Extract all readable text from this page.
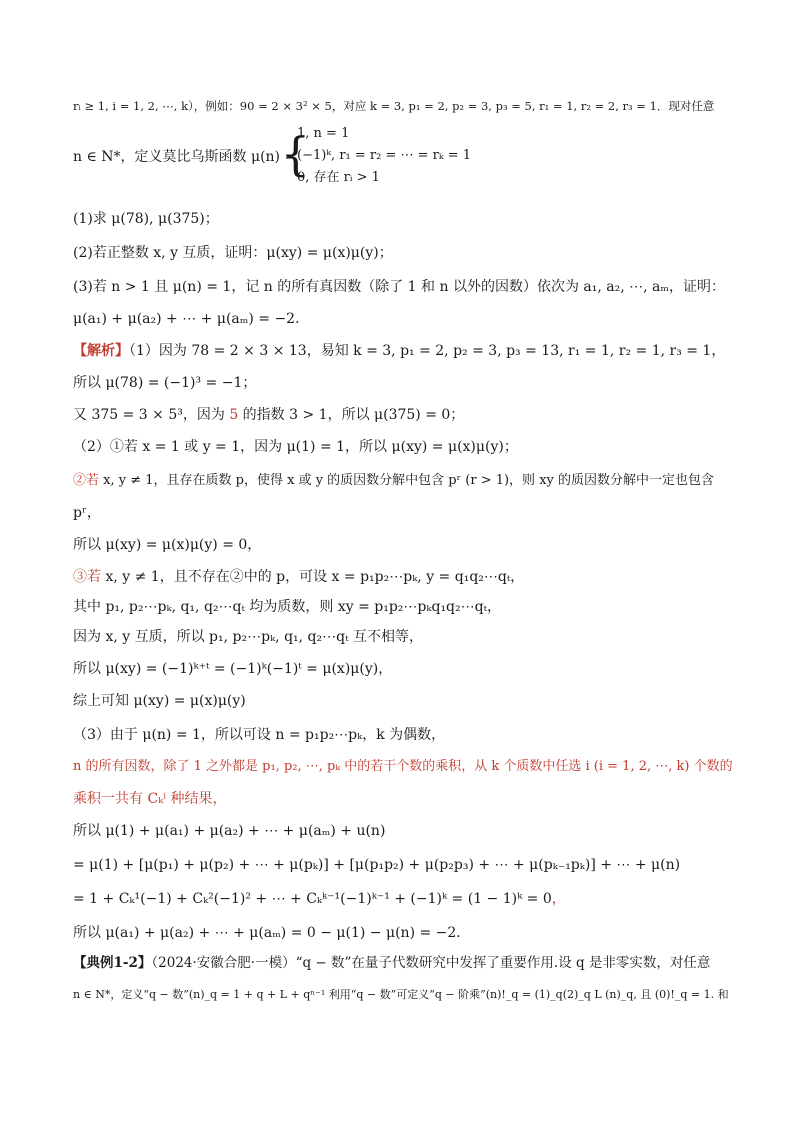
rᵢ ≥ 1, i = 1, 2, ⋯, k），例如：90 = 2 × 3² × 5，对应 k = 3, p₁ = 2, p₂ = 3, p₃ = 5, r₁ = 1, r₂ = 2, r₃ = 1．现对任意
n ∈ N*，定义莫比乌斯函数 μ(n) =
{
1, n = 1
(−1)ᵏ, r₁ = r₂ = ⋯ = rₖ = 1
0, 存在 rᵢ > 1
(1)求 μ(78), μ(375)；
(2)若正整数 x, y 互质，证明：μ(xy) = μ(x)μ(y)；
(3)若 n > 1 且 μ(n) = 1，记 n 的所有真因数（除了 1 和 n 以外的因数）依次为 a₁, a₂, ⋯, aₘ，证明：
μ(a₁) + μ(a₂) + ⋯ + μ(aₘ) = −2．
【解析】（1）因为 78 = 2 × 3 × 13，易知 k = 3, p₁ = 2, p₂ = 3, p₃ = 13, r₁ = 1, r₂ = 1, r₃ = 1，
所以 μ(78) = (−1)³ = −1；
又 375 = 3 × 5³，因为 5 的指数 3 > 1，所以 μ(375) = 0；
（2）①若 x = 1 或 y = 1，因为 μ(1) = 1，所以 μ(xy) = μ(x)μ(y)；
②若 x, y ≠ 1，且存在质数 p，使得 x 或 y 的质因数分解中包含 pʳ (r > 1)，则 xy 的质因数分解中一定也包含
pʳ，
所以 μ(xy) = μ(x)μ(y) = 0，
③若 x, y ≠ 1，且不存在②中的 p，可设 x = p₁p₂⋯pₖ, y = q₁q₂⋯qₜ，
其中 p₁, p₂⋯pₖ, q₁, q₂⋯qₜ 均为质数，则 xy = p₁p₂⋯pₖq₁q₂⋯qₜ，
因为 x, y 互质，所以 p₁, p₂⋯pₖ, q₁, q₂⋯qₜ 互不相等，
所以 μ(xy) = (−1)ᵏ⁺ᵗ = (−1)ᵏ(−1)ᵗ = μ(x)μ(y)，
综上可知 μ(xy) = μ(x)μ(y)
（3）由于 μ(n) = 1，所以可设 n = p₁p₂⋯pₖ，k 为偶数，
n 的所有因数，除了 1 之外都是 p₁, p₂, ⋯, pₖ 中的若干个数的乘积，从 k 个质数中任选 i (i = 1, 2, ⋯, k) 个数的
乘积一共有 Cₖⁱ 种结果，
所以 μ(1) + μ(a₁) + μ(a₂) + ⋯ + μ(aₘ) + u(n)
= μ(1) + [μ(p₁) + μ(p₂) + ⋯ + μ(pₖ)] + [μ(p₁p₂) + μ(p₂p₃) + ⋯ + μ(pₖ₋₁pₖ)] + ⋯ + μ(n)
= 1 + Cₖ¹(−1) + Cₖ²(−1)² + ⋯ + Cₖᵏ⁻¹(−1)ᵏ⁻¹ + (−1)ᵏ = (1 − 1)ᵏ = 0，
所以 μ(a₁) + μ(a₂) + ⋯ + μ(aₘ) = 0 − μ(1) − μ(n) = −2．
【典例1-2】（2024·安徽合肥·一模）“q − 数”在量子代数研究中发挥了重要作用.设 q 是非零实数，对任意
n ∈ N*，定义“q − 数”(n)_q = 1 + q + L + qⁿ⁻¹ 利用“q − 数”可定义“q − 阶乘”(n)!_q = (1)_q(2)_q L (n)_q, 且 (0)!_q = 1. 和
